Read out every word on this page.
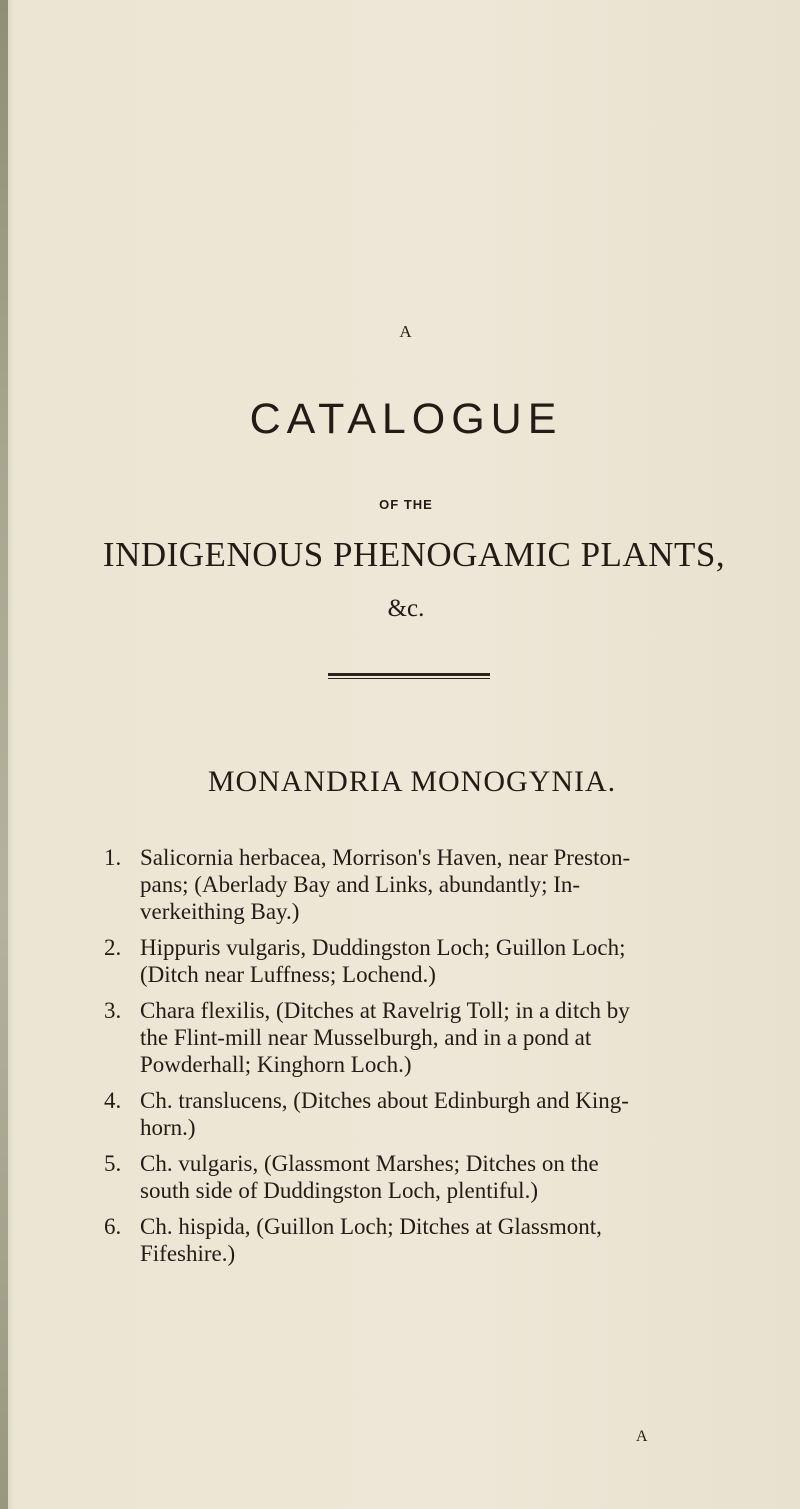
A
CATALOGUE
OF THE
INDIGENOUS PHENOGAMIC PLANTS,
&c.
MONANDRIA MONOGYNIA.
1. Salicornia herbacea, Morrison's Haven, near Preston-
pans; (Aberlady Bay and Links, abundantly; In-
verkeithing Bay.)
2. Hippuris vulgaris, Duddingston Loch; Guillon Loch;
(Ditch near Luffness; Lochend.)
3. Chara flexilis, (Ditches at Ravelrig Toll; in a ditch by
the Flint-mill near Musselburgh, and in a pond at
Powderhall; Kinghorn Loch.)
4. Ch. translucens, (Ditches about Edinburgh and King-
horn.)
5. Ch. vulgaris, (Glassmont Marshes; Ditches on the
south side of Duddingston Loch, plentiful.)
6. Ch. hispida, (Guillon Loch; Ditches at Glassmont,
Fifeshire.)
A
